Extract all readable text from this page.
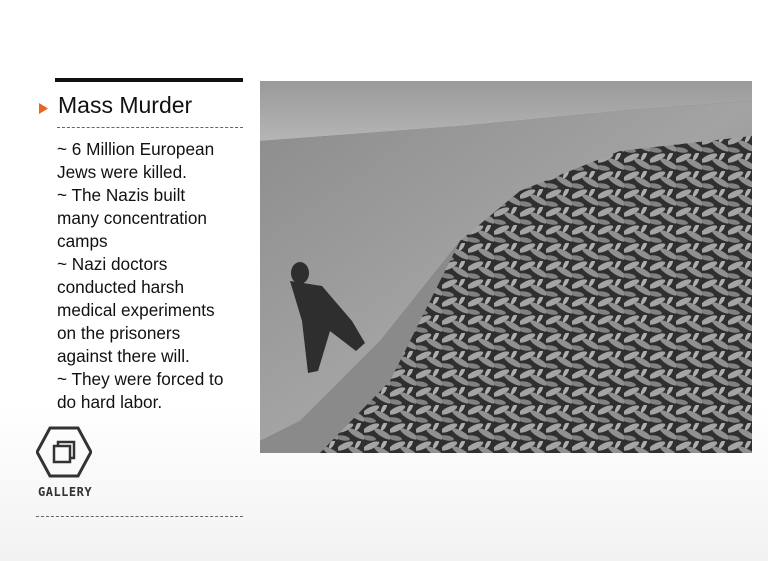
Mass Murder
~ 6 Million European
Jews were killed.
~ The Nazis built
many concentration
camps
~ Nazi doctors
conducted harsh
medical experiments
on the prisoners
against there will.
~ They were forced to
do hard labor.
GALLERY
